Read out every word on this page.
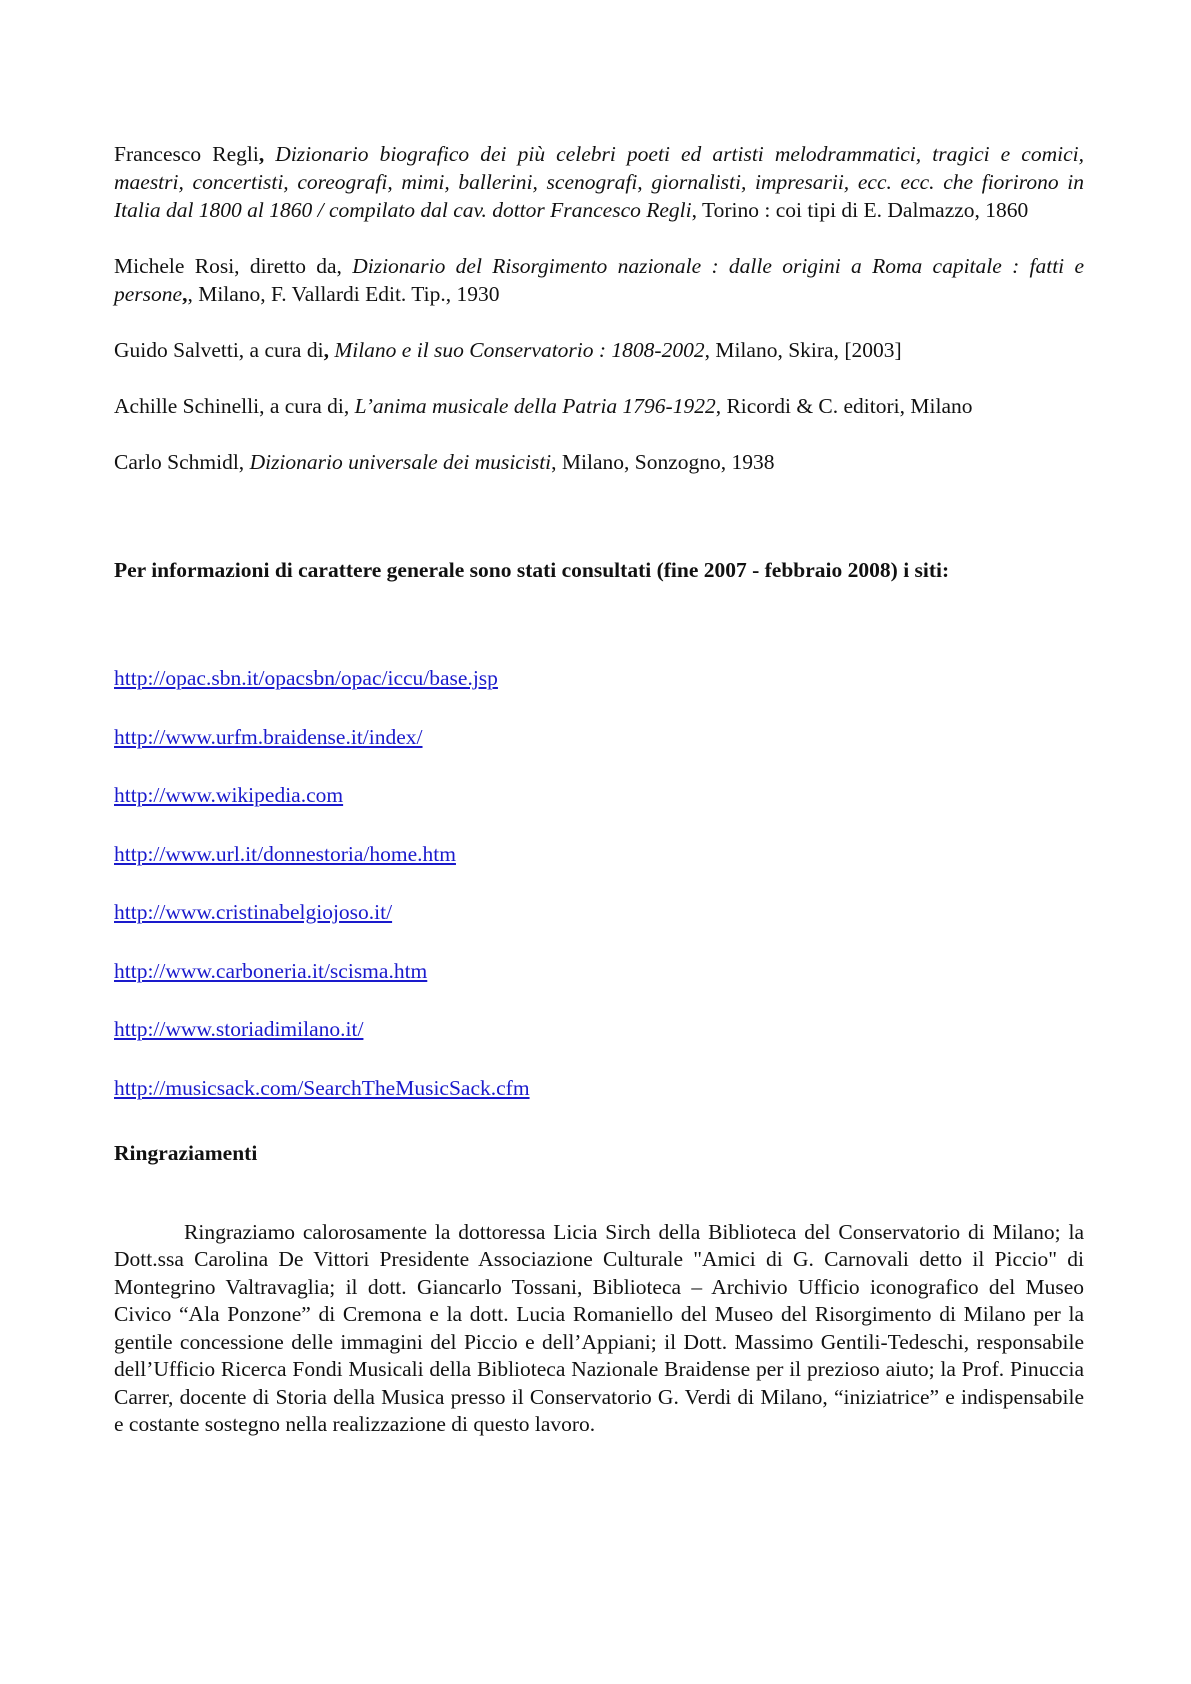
Francesco Regli, Dizionario biografico dei più celebri poeti ed artisti melodrammatici, tragici e comici, maestri, concertisti, coreografi, mimi, ballerini, scenografi, giornalisti, impresarii, ecc. ecc. che fiorirono in Italia dal 1800 al 1860 / compilato dal cav. dottor Francesco Regli, Torino : coi tipi di E. Dalmazzo, 1860

Michele Rosi, diretto da, Dizionario del Risorgimento nazionale : dalle origini a Roma capitale : fatti e persone,, Milano, F. Vallardi Edit. Tip., 1930

Guido Salvetti, a cura di, Milano e il suo Conservatorio : 1808-2002, Milano, Skira, [2003]

Achille Schinelli, a cura di, L’anima musicale della Patria 1796-1922, Ricordi & C. editori, Milano

Carlo Schmidl, Dizionario universale dei musicisti, Milano, Sonzogno, 1938

Per informazioni di carattere generale sono stati consultati (fine 2007 - febbraio 2008) i siti:

http://opac.sbn.it/opacsbn/opac/iccu/base.jsp
http://www.urfm.braidense.it/index/
http://www.wikipedia.com
http://www.url.it/donnestoria/home.htm
http://www.cristinabelgiojoso.it/
http://www.carboneria.it/scisma.htm
http://www.storiadimilano.it/
http://musicsack.com/SearchTheMusicSack.cfm

Ringraziamenti

Ringraziamo calorosamente la dottoressa Licia Sirch della Biblioteca del Conservatorio di Milano; la Dott.ssa Carolina De Vittori Presidente Associazione Culturale "Amici di G. Carnovali detto il Piccio" di Montegrino Valtravaglia; il dott. Giancarlo Tossani, Biblioteca – Archivio Ufficio iconografico del Museo Civico “Ala Ponzone” di Cremona e la dott. Lucia Romaniello del Museo del Risorgimento di Milano per la gentile concessione delle immagini del Piccio e dell’Appiani; il Dott. Massimo Gentili-Tedeschi, responsabile dell’Ufficio Ricerca Fondi Musicali della Biblioteca Nazionale Braidense per il prezioso aiuto; la Prof. Pinuccia Carrer, docente di Storia della Musica presso il Conservatorio G. Verdi di Milano, “iniziatrice” e indispensabile e costante sostegno nella realizzazione di questo lavoro.
